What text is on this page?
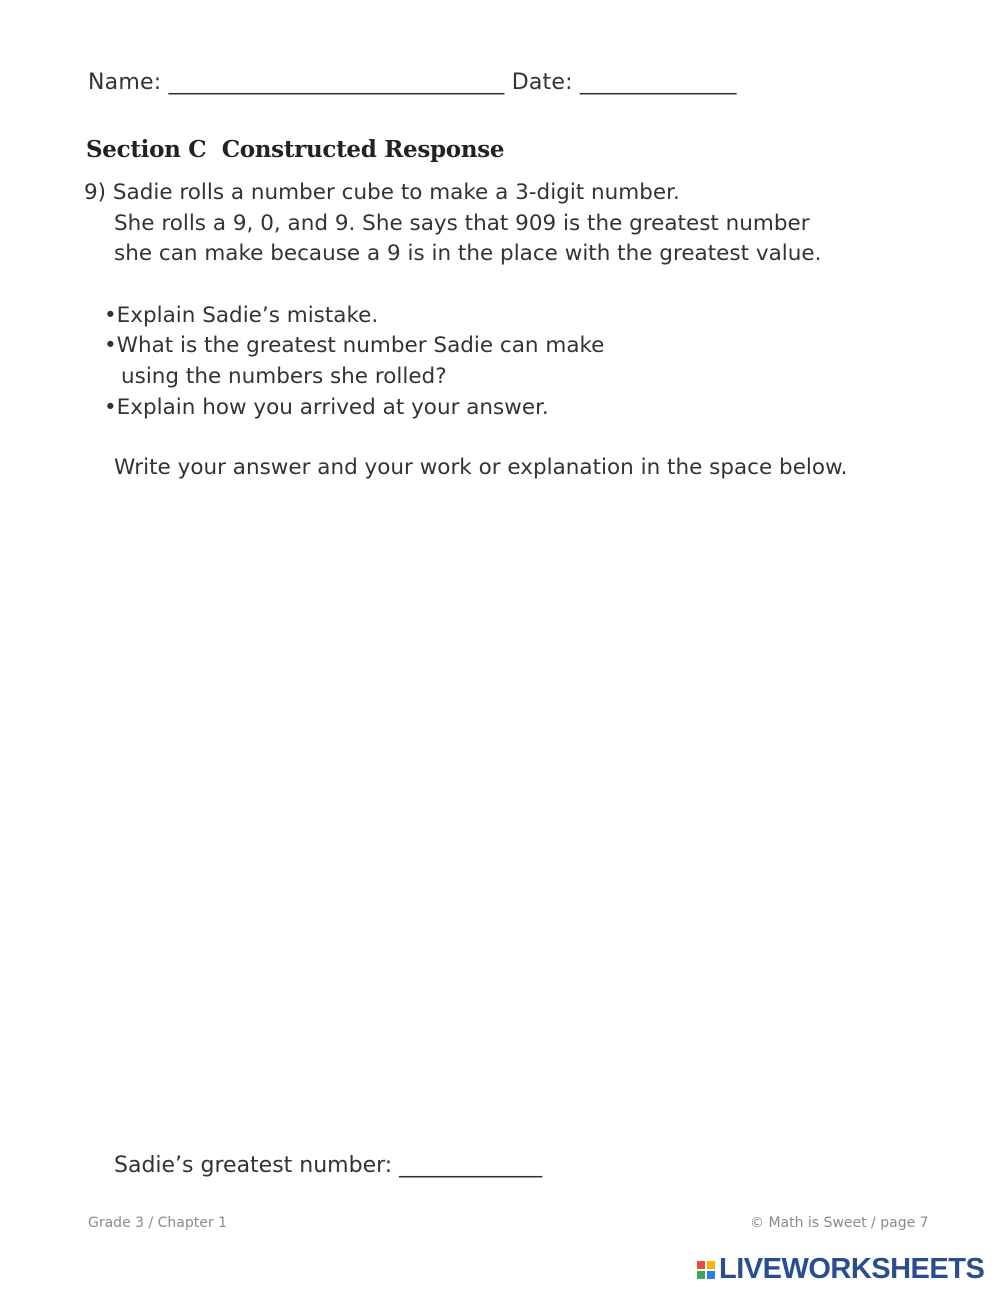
Name: ______________________________ Date: ______________
Section C  Constructed Response
9) Sadie rolls a number cube to make a 3-digit number.
She rolls a 9, 0, and 9. She says that 909 is the greatest number
she can make because a 9 is in the place with the greatest value.
•Explain Sadie’s mistake.
•What is the greatest number Sadie can make
using the numbers she rolled?
•Explain how you arrived at your answer.
Write your answer and your work or explanation in the space below.
Sadie’s greatest number: _____________
Grade 3 / Chapter 1	© Math is Sweet / page 7
LIVEWORKSHEETS
